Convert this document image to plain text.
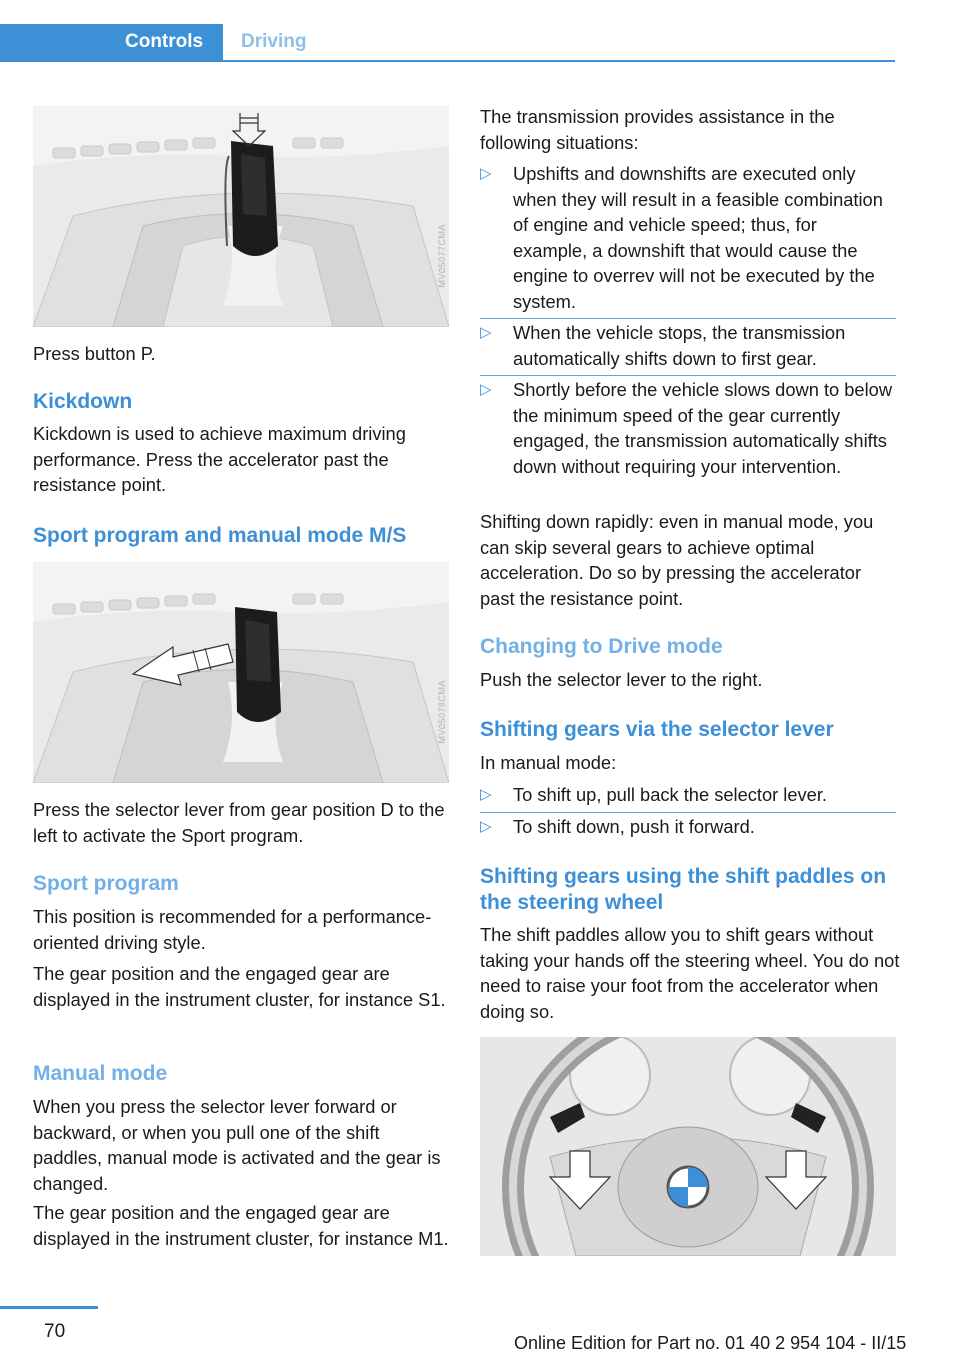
Controls	Driving
MV05077CMA
Press button P.
Kickdown
Kickdown is used to achieve maximum driving performance. Press the accelerator past the resistance point.
Sport program and manual mode M/S
MV05078CMA
Press the selector lever from gear position D to the left to activate the Sport program.
Sport program
This position is recommended for a performance-oriented driving style.
The gear position and the engaged gear are displayed in the instrument cluster, for instance S1.
Manual mode
When you press the selector lever forward or backward, or when you pull one of the shift paddles, manual mode is activated and the gear is changed.
The gear position and the engaged gear are displayed in the instrument cluster, for instance M1.
The transmission provides assistance in the following situations:
▷ Upshifts and downshifts are executed only when they will result in a feasible combination of engine and vehicle speed; thus, for example, a downshift that would cause the engine to overrev will not be executed by the system.
▷ When the vehicle stops, the transmission automatically shifts down to first gear.
▷ Shortly before the vehicle slows down to below the minimum speed of the gear currently engaged, the transmission automatically shifts down without requiring your intervention.
Shifting down rapidly: even in manual mode, you can skip several gears to achieve optimal acceleration. Do so by pressing the accelerator past the resistance point.
Changing to Drive mode
Push the selector lever to the right.
Shifting gears via the selector lever
In manual mode:
▷ To shift up, pull back the selector lever.
▷ To shift down, push it forward.
Shifting gears using the shift paddles on the steering wheel
The shift paddles allow you to shift gears without taking your hands off the steering wheel. You do not need to raise your foot from the accelerator when doing so.
70
Online Edition for Part no. 01 40 2 954 104 - II/15
